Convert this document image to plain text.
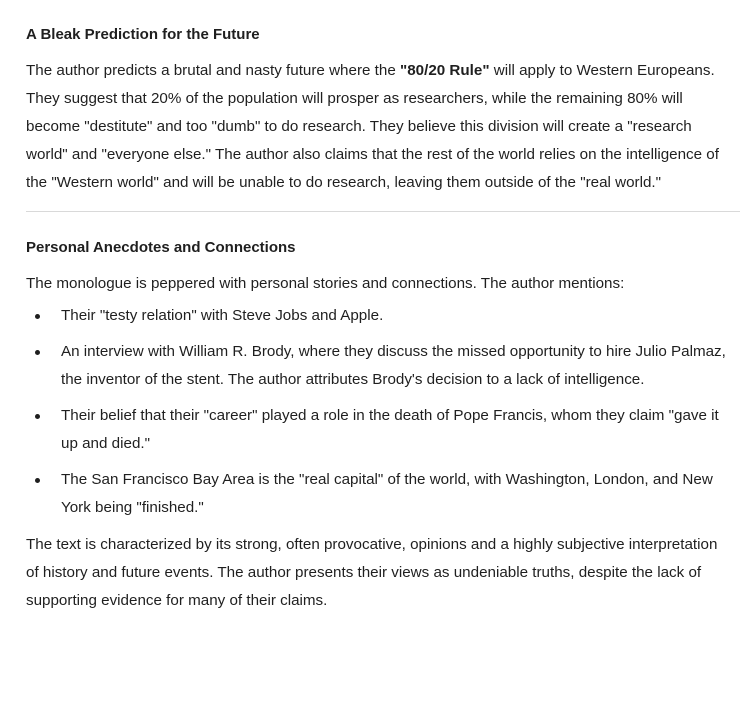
A Bleak Prediction for the Future

The author predicts a brutal and nasty future where the "80/20 Rule" will apply to Western Europeans. They suggest that 20% of the population will prosper as researchers, while the remaining 80% will become "destitute" and too "dumb" to do research. They believe this division will create a "research world" and "everyone else." The author also claims that the rest of the world relies on the intelligence of the "Western world" and will be unable to do research, leaving them outside of the "real world."

Personal Anecdotes and Connections

The monologue is peppered with personal stories and connections. The author mentions:

Their "testy relation" with Steve Jobs and Apple.
An interview with William R. Brody, where they discuss the missed opportunity to hire Julio Palmaz, the inventor of the stent. The author attributes Brody's decision to a lack of intelligence.
Their belief that their "career" played a role in the death of Pope Francis, whom they claim "gave it up and died."
The San Francisco Bay Area is the "real capital" of the world, with Washington, London, and New York being "finished."

The text is characterized by its strong, often provocative, opinions and a highly subjective interpretation of history and future events. The author presents their views as undeniable truths, despite the lack of supporting evidence for many of their claims.
